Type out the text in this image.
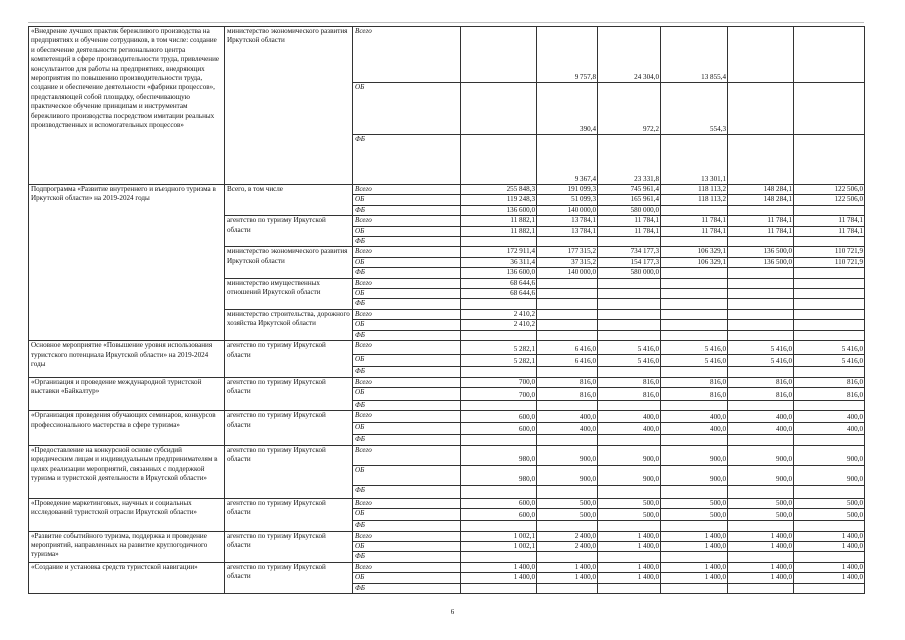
«Внедрение лучших практик бережливого производства на предприятиях и обучение сотрудников, в том числе: создание и обеспечение деятельности регионального центра компетенций в сфере производительности труда, привлечение консультантов для работы на предприятиях, внедряющих мероприятия по повышению производительности труда, создание и обеспечение деятельности «фабрики процессов», представляющей собой площадку, обеспечивающую практическое обучение принципам и инструментам бережливого производства посредством имитации реальных производственных и вспомогательных процессов»	министерство экономического развития Иркутской области	Всего		9 757,8	24 304,0	13 855,4		
		ОБ		390,4	972,2	554,3		
		ФБ		9 367,4	23 331,8	13 301,1		
Подпрограмма «Развитие внутреннего и въездного туризма в Иркутской области» на 2019-2024 годы	Всего, в том числе	Всего	255 848,3	191 099,3	745 961,4	118 113,2	148 284,1	122 506,0
		ОБ	119 248,3	51 099,3	165 961,4	118 113,2	148 284,1	122 506,0
		ФБ	136 600,0	140 000,0	580 000,0			
	агентство по туризму Иркутской области	Всего	11 882,1	13 784,1	11 784,1	11 784,1	11 784,1	11 784,1
		ОБ	11 882,1	13 784,1	11 784,1	11 784,1	11 784,1	11 784,1
		ФБ						
	министерство экономического развития Иркутской области	Всего	172 911,4	177 315,2	734 177,3	106 329,1	136 500,0	110 721,9
		ОБ	36 311,4	37 315,2	154 177,3	106 329,1	136 500,0	110 721,9
		ФБ	136 600,0	140 000,0	580 000,0			
	министерство имущественных отношений Иркутской области	Всего	68 644,6					
		ОБ	68 644,6					
		ФБ						
	министерство строительства, дорожного хозяйства Иркутской области	Всего	2 410,2					
		ОБ	2 410,2					
		ФБ						
Основное мероприятие «Повышение уровня использования туристского потенциала Иркутской области» на 2019-2024 годы	агентство по туризму Иркутской области	Всего	5 282,1	6 416,0	5 416,0	5 416,0	5 416,0	5 416,0
		ОБ	5 282,1	6 416,0	5 416,0	5 416,0	5 416,0	5 416,0
		ФБ						
«Организация и проведение международной туристской выставки «Байкалтур»	агентство по туризму Иркутской области	Всего	700,0	816,0	816,0	816,0	816,0	816,0
		ОБ	700,0	816,0	816,0	816,0	816,0	816,0
		ФБ						
«Организация проведения обучающих семинаров, конкурсов профессионального мастерства в сфере туризма»	агентство по туризму Иркутской области	Всего	600,0	400,0	400,0	400,0	400,0	400,0
		ОБ	600,0	400,0	400,0	400,0	400,0	400,0
		ФБ						
«Предоставление на конкурсной основе субсидий юридическим лицам и индивидуальным предпринимателям в целях реализации мероприятий, связанных с поддержкой туризма и туристской деятельности в Иркутской области»	агентство по туризму Иркутской области	Всего	980,0	900,0	900,0	900,0	900,0	900,0
		ОБ	980,0	900,0	900,0	900,0	900,0	900,0
		ФБ						
«Проведение маркетинговых, научных и социальных исследований туристской отрасли Иркутской области»	агентство по туризму Иркутской области	Всего	600,0	500,0	500,0	500,0	500,0	500,0
		ОБ	600,0	500,0	500,0	500,0	500,0	500,0
		ФБ						
«Развитие событийного туризма, поддержка и проведение мероприятий, направленных на развитие круглогодичного туризма»	агентство по туризму Иркутской области	Всего	1 002,1	2 400,0	1 400,0	1 400,0	1 400,0	1 400,0
		ОБ	1 002,1	2 400,0	1 400,0	1 400,0	1 400,0	1 400,0
		ФБ						
«Создание и установка средств туристской навигации»	агентство по туризму Иркутской области	Всего	1 400,0	1 400,0	1 400,0	1 400,0	1 400,0	1 400,0
		ОБ	1 400,0	1 400,0	1 400,0	1 400,0	1 400,0	1 400,0
		ФБ						
6
